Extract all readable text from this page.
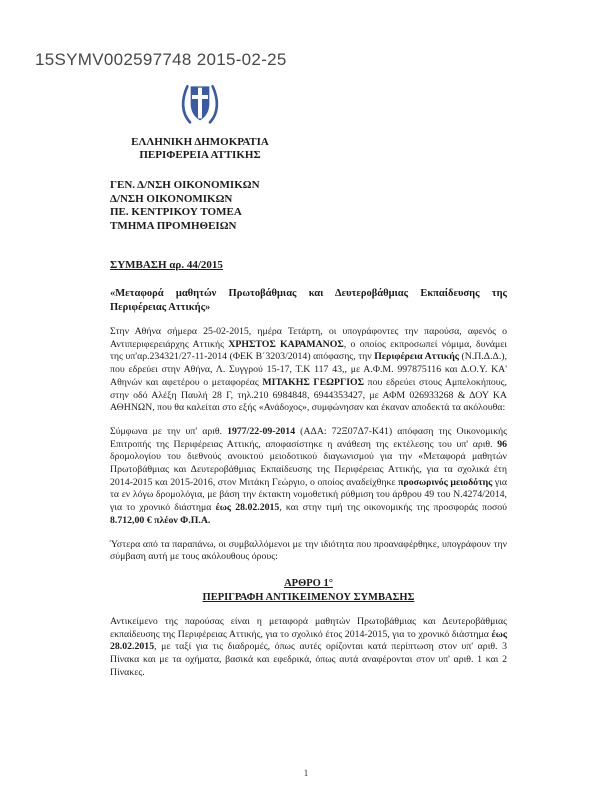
15SYMV002597748 2015-02-25
ΕΛΛΗΝΙΚΗ ΔΗΜΟΚΡΑΤΙΑ
ΠΕΡΙΦΕΡΕΙΑ ΑΤΤΙΚΗΣ
ΓΕΝ. Δ/ΝΣΗ ΟΙΚΟΝΟΜΙΚΩΝ
Δ/ΝΣΗ ΟΙΚΟΝΟΜΙΚΩΝ
ΠΕ. ΚΕΝΤΡΙΚΟΥ ΤΟΜΕΑ
ΤΜΗΜΑ ΠΡΟΜΗΘΕΙΩΝ
ΣΥΜΒΑΣΗ αρ. 44/2015
«Μεταφορά μαθητών Πρωτοβάθμιας και Δευτεροβάθμιας Εκπαίδευσης της Περιφέρειας Αττικής»

Στην Αθήνα σήμερα 25-02-2015, ημέρα Τετάρτη, οι υπογράφοντες την παρούσα, αφενός ο Αντιπεριφερειάρχης Αττικής ΧΡΗΣΤΟΣ ΚΑΡΑΜΑΝΟΣ, ο οποίος εκπροσωπεί νόμιμα, δυνάμει της υπ'αρ.234321/27-11-2014 (ΦΕΚ Β΄3203/2014) απόφασης, την Περιφέρεια Αττικής (Ν.Π.Δ.Δ.), που εδρεύει στην Αθήνα, Λ. Συγγρού 15-17, Τ.Κ 117 43,, με Α.Φ.Μ. 997875116 και Δ.Ο.Υ. ΚΑ' Αθηνών και αφετέρου ο μεταφορέας ΜΙΤΑΚΗΣ ΓΕΩΡΓΙΟΣ που εδρεύει στους Αμπελοκήπους, στην οδό Αλέξη Παυλή 28 Γ, τηλ.210 6984848, 6944353427, με ΑΦΜ 026933268 & ΔΟΥ ΚΑ ΑΘΗΝΩΝ, που θα καλείται στο εξής «Ανάδοχος», συμφώνησαν και έκαναν αποδεκτά τα ακόλουθα:

Σύμφωνα με την υπ' αριθ. 1977/22-09-2014 (ΑΔΑ: 72Ξ07Δ7-Κ41) απόφαση της Οικονομικής Επιτροπής της Περιφέρειας Αττικής, αποφασίστηκε η ανάθεση της εκτέλεσης του υπ' αριθ. 96 δρομολογίου του διεθνούς ανοικτού μειοδοτικού διαγωνισμού για την «Μεταφορά μαθητών Πρωτοβάθμιας και Δευτεροβάθμιας Εκπαίδευσης της Περιφέρειας Αττικής, για τα σχολικά έτη 2014-2015 και 2015-2016, στον Μιτάκη Γεώργιο, ο οποίος αναδείχθηκε προσωρινός μειοδότης για τα εν λόγω δρομολόγια, με βάση την έκτακτη νομοθετική ρύθμιση του άρθρου 49 του Ν.4274/2014, για το χρονικό διάστημα έως 28.02.2015, και στην τιμή της οικονομικής της προσφοράς ποσού 8.712,00 € πλέον Φ.Π.Α.

Ύστερα από τα παραπάνω, οι συμβαλλόμενοι με την ιδιότητα που προαναφέρθηκε, υπογράφουν την σύμβαση αυτή με τους ακόλουθους όρους:

ΑΡΘΡΟ 1°
ΠΕΡΙΓΡΑΦΗ ΑΝΤΙΚΕΙΜΕΝΟΥ ΣΥΜΒΑΣΗΣ

Αντικείμενο της παρούσας είναι η μεταφορά μαθητών Πρωτοβάθμιας και Δευτεροβάθμιας εκπαίδευσης της Περιφέρειας Αττικής, για το σχολικό έτος 2014-2015, για το χρονικό διάστημα έως 28.02.2015, με ταξί για τις διαδρομές, όπως αυτές ορίζονται κατά περίπτωση στον υπ' αριθ. 3 Πίνακα και με τα οχήματα, βασικά και εφεδρικά, όπως αυτά αναφέρονται στον υπ' αριθ. 1 και 2 Πίνακες.

1
